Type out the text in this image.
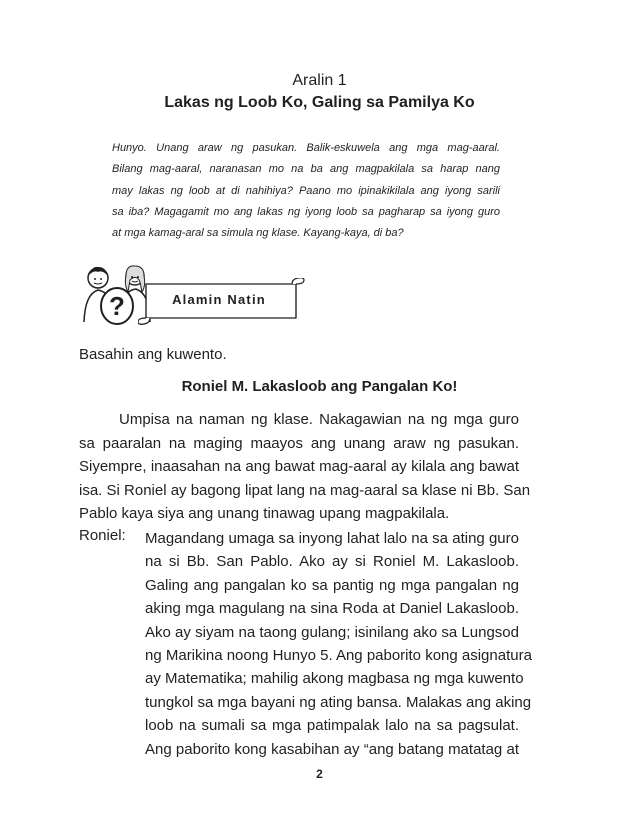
Aralin 1
Lakas ng Loob Ko, Galing sa Pamilya Ko

Hunyo. Unang araw ng pasukan. Balik-eskuwela ang mga mag-aaral.
Bilang mag-aaral, naranasan mo na ba ang magpakilala sa harap nang
may lakas ng loob at di nahihiya? Paano mo ipinakikilala ang iyong sarili
sa iba? Magagamit mo ang lakas ng iyong loob sa pagharap sa iyong guro
at mga kamag-aral sa simula ng klase. Kayang-kaya, di ba?

?	Alamin Natin

Basahin ang kuwento.

Roniel M. Lakasloob ang Pangalan Ko!

Umpisa na naman ng klase. Nakagawian na ng mga guro
sa paaralan na maging maayos ang unang araw ng pasukan.
Siyempre, inaasahan na ang bawat mag-aaral ay kilala ang bawat
isa. Si Roniel ay bagong lipat lang na mag-aaral sa klase ni Bb. San
Pablo kaya siya ang unang tinawag upang magpakilala.

Roniel: Magandang umaga sa inyong lahat lalo na sa ating guro
na si Bb. San Pablo. Ako ay si Roniel M. Lakasloob.
Galing ang pangalan ko sa pantig ng mga pangalan ng
aking mga magulang na sina Roda at Daniel Lakasloob.
Ako ay siyam na taong gulang; isinilang ako sa Lungsod
ng Marikina noong Hunyo 5. Ang paborito kong asignatura
ay Matematika; mahilig akong magbasa ng mga kuwento
tungkol sa mga bayani ng ating bansa. Malakas ang aking
loob na sumali sa mga patimpalak lalo na sa pagsulat.
Ang paborito kong kasabihan ay “ang batang matatag at

2
